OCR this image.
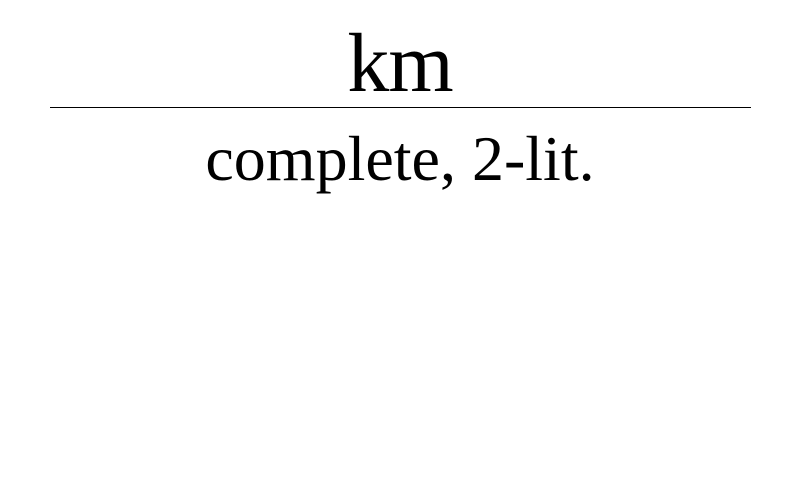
km
complete, 2-lit.
